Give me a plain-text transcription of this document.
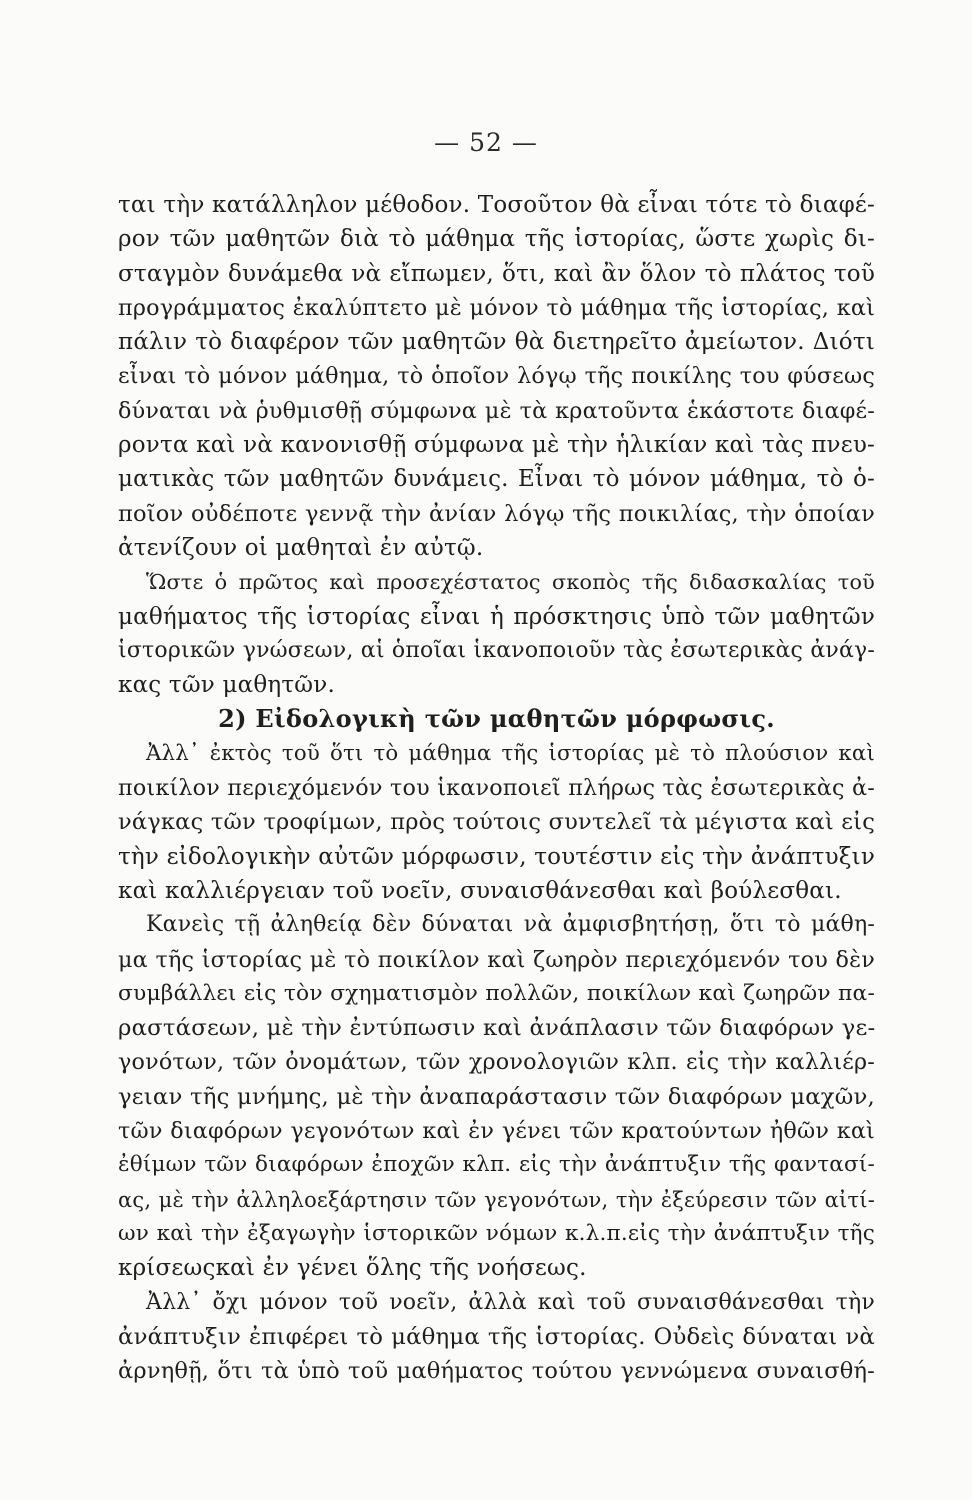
— 52 —
ται τὴν κατάλληλον μέθοδον. Τοσοῦτον θὰ εἶναι τότε τὸ διαφέ-
ρον τῶν μαθητῶν διὰ τὸ μάθημα τῆς ἱστορίας, ὥστε χωρὶς δι-
σταγμὸν δυνάμεθα νὰ εἴπωμεν, ὅτι, καὶ ἂν ὅλον τὸ πλάτος τοῦ
προγράμματος ἐκαλύπτετο μὲ μόνον τὸ μάθημα τῆς ἱστορίας, καὶ
πάλιν τὸ διαφέρον τῶν μαθητῶν θὰ διετηρεῖτο ἀμείωτον. Διότι
εἶναι τὸ μόνον μάθημα, τὸ ὁποῖον λόγῳ τῆς ποικίλης του φύσεως
δύναται νὰ ῥυθμισθῇ σύμφωνα μὲ τὰ κρατοῦντα ἑκάστοτε διαφέ-
ροντα καὶ νὰ κανονισθῇ σύμφωνα μὲ τὴν ἡλικίαν καὶ τὰς πνευ-
ματικὰς τῶν μαθητῶν δυνάμεις. Εἶναι τὸ μόνον μάθημα, τὸ ὁ-
ποῖον οὐδέποτε γεννᾷ τὴν ἀνίαν λόγῳ τῆς ποικιλίας, τὴν ὁποίαν
ἀτενίζουν οἱ μαθηταὶ ἐν αὐτῷ.
Ὥστε ὁ πρῶτος καὶ προσεχέστατος σκοπὸς τῆς διδασκαλίας τοῦ
μαθήματος τῆς ἱστορίας εἶναι ἡ πρόσκτησις ὑπὸ τῶν μαθητῶν
ἱστορικῶν γνώσεων, αἱ ὁποῖαι ἱκανοποιοῦν τὰς ἐσωτερικὰς ἀνάγ-
κας τῶν μαθητῶν.
2) Εἰδολογικὴ τῶν μαθητῶν μόρφωσις.
Ἀλλ᾽ ἐκτὸς τοῦ ὅτι τὸ μάθημα τῆς ἱστορίας μὲ τὸ πλούσιον καὶ
ποικίλον περιεχόμενόν του ἱκανοποιεῖ πλήρως τὰς ἐσωτερικὰς ἀ-
νάγκας τῶν τροφίμων, πρὸς τούτοις συντελεῖ τὰ μέγιστα καὶ εἰς
τὴν εἰδολογικὴν αὐτῶν μόρφωσιν, τουτέστιν εἰς τὴν ἀνάπτυξιν
καὶ καλλιέργειαν τοῦ νοεῖν, συναισθάνεσθαι καὶ βούλεσθαι.
Κανεὶς τῇ ἀληθείᾳ δὲν δύναται νὰ ἀμφισβητήσῃ, ὅτι τὸ μάθη-
μα τῆς ἱστορίας μὲ τὸ ποικίλον καὶ ζωηρὸν περιεχόμενόν του δὲν
συμβάλλει εἰς τὸν σχηματισμὸν πολλῶν, ποικίλων καὶ ζωηρῶν πα-
ραστάσεων, μὲ τὴν ἐντύπωσιν καὶ ἀνάπλασιν τῶν διαφόρων γε-
γονότων, τῶν ὀνομάτων, τῶν χρονολογιῶν κλπ. εἰς τὴν καλλιέρ-
γειαν τῆς μνήμης, μὲ τὴν ἀναπαράστασιν τῶν διαφόρων μαχῶν,
τῶν διαφόρων γεγονότων καὶ ἐν γένει τῶν κρατούντων ἠθῶν καὶ
ἐθίμων τῶν διαφόρων ἐποχῶν κλπ. εἰς τὴν ἀνάπτυξιν τῆς φαντασί-
ας, μὲ τὴν ἀλληλοεξάρτησιν τῶν γεγονότων, τὴν ἐξεύρεσιν τῶν αἰτί-
ων καὶ τὴν ἐξαγωγὴν ἱστορικῶν νόμων κ.λ.π.εἰς τὴν ἀνάπτυξιν τῆς
κρίσεωςκαὶ ἐν γένει ὅλης τῆς νοήσεως.
Ἀλλ᾽ ὄχι μόνον τοῦ νοεῖν, ἀλλὰ καὶ τοῦ συναισθάνεσθαι τὴν
ἀνάπτυξιν ἐπιφέρει τὸ μάθημα τῆς ἱστορίας. Οὐδεὶς δύναται νὰ
ἀρνηθῇ, ὅτι τὰ ὑπὸ τοῦ μαθήματος τούτου γεννώμενα συναισθή-
